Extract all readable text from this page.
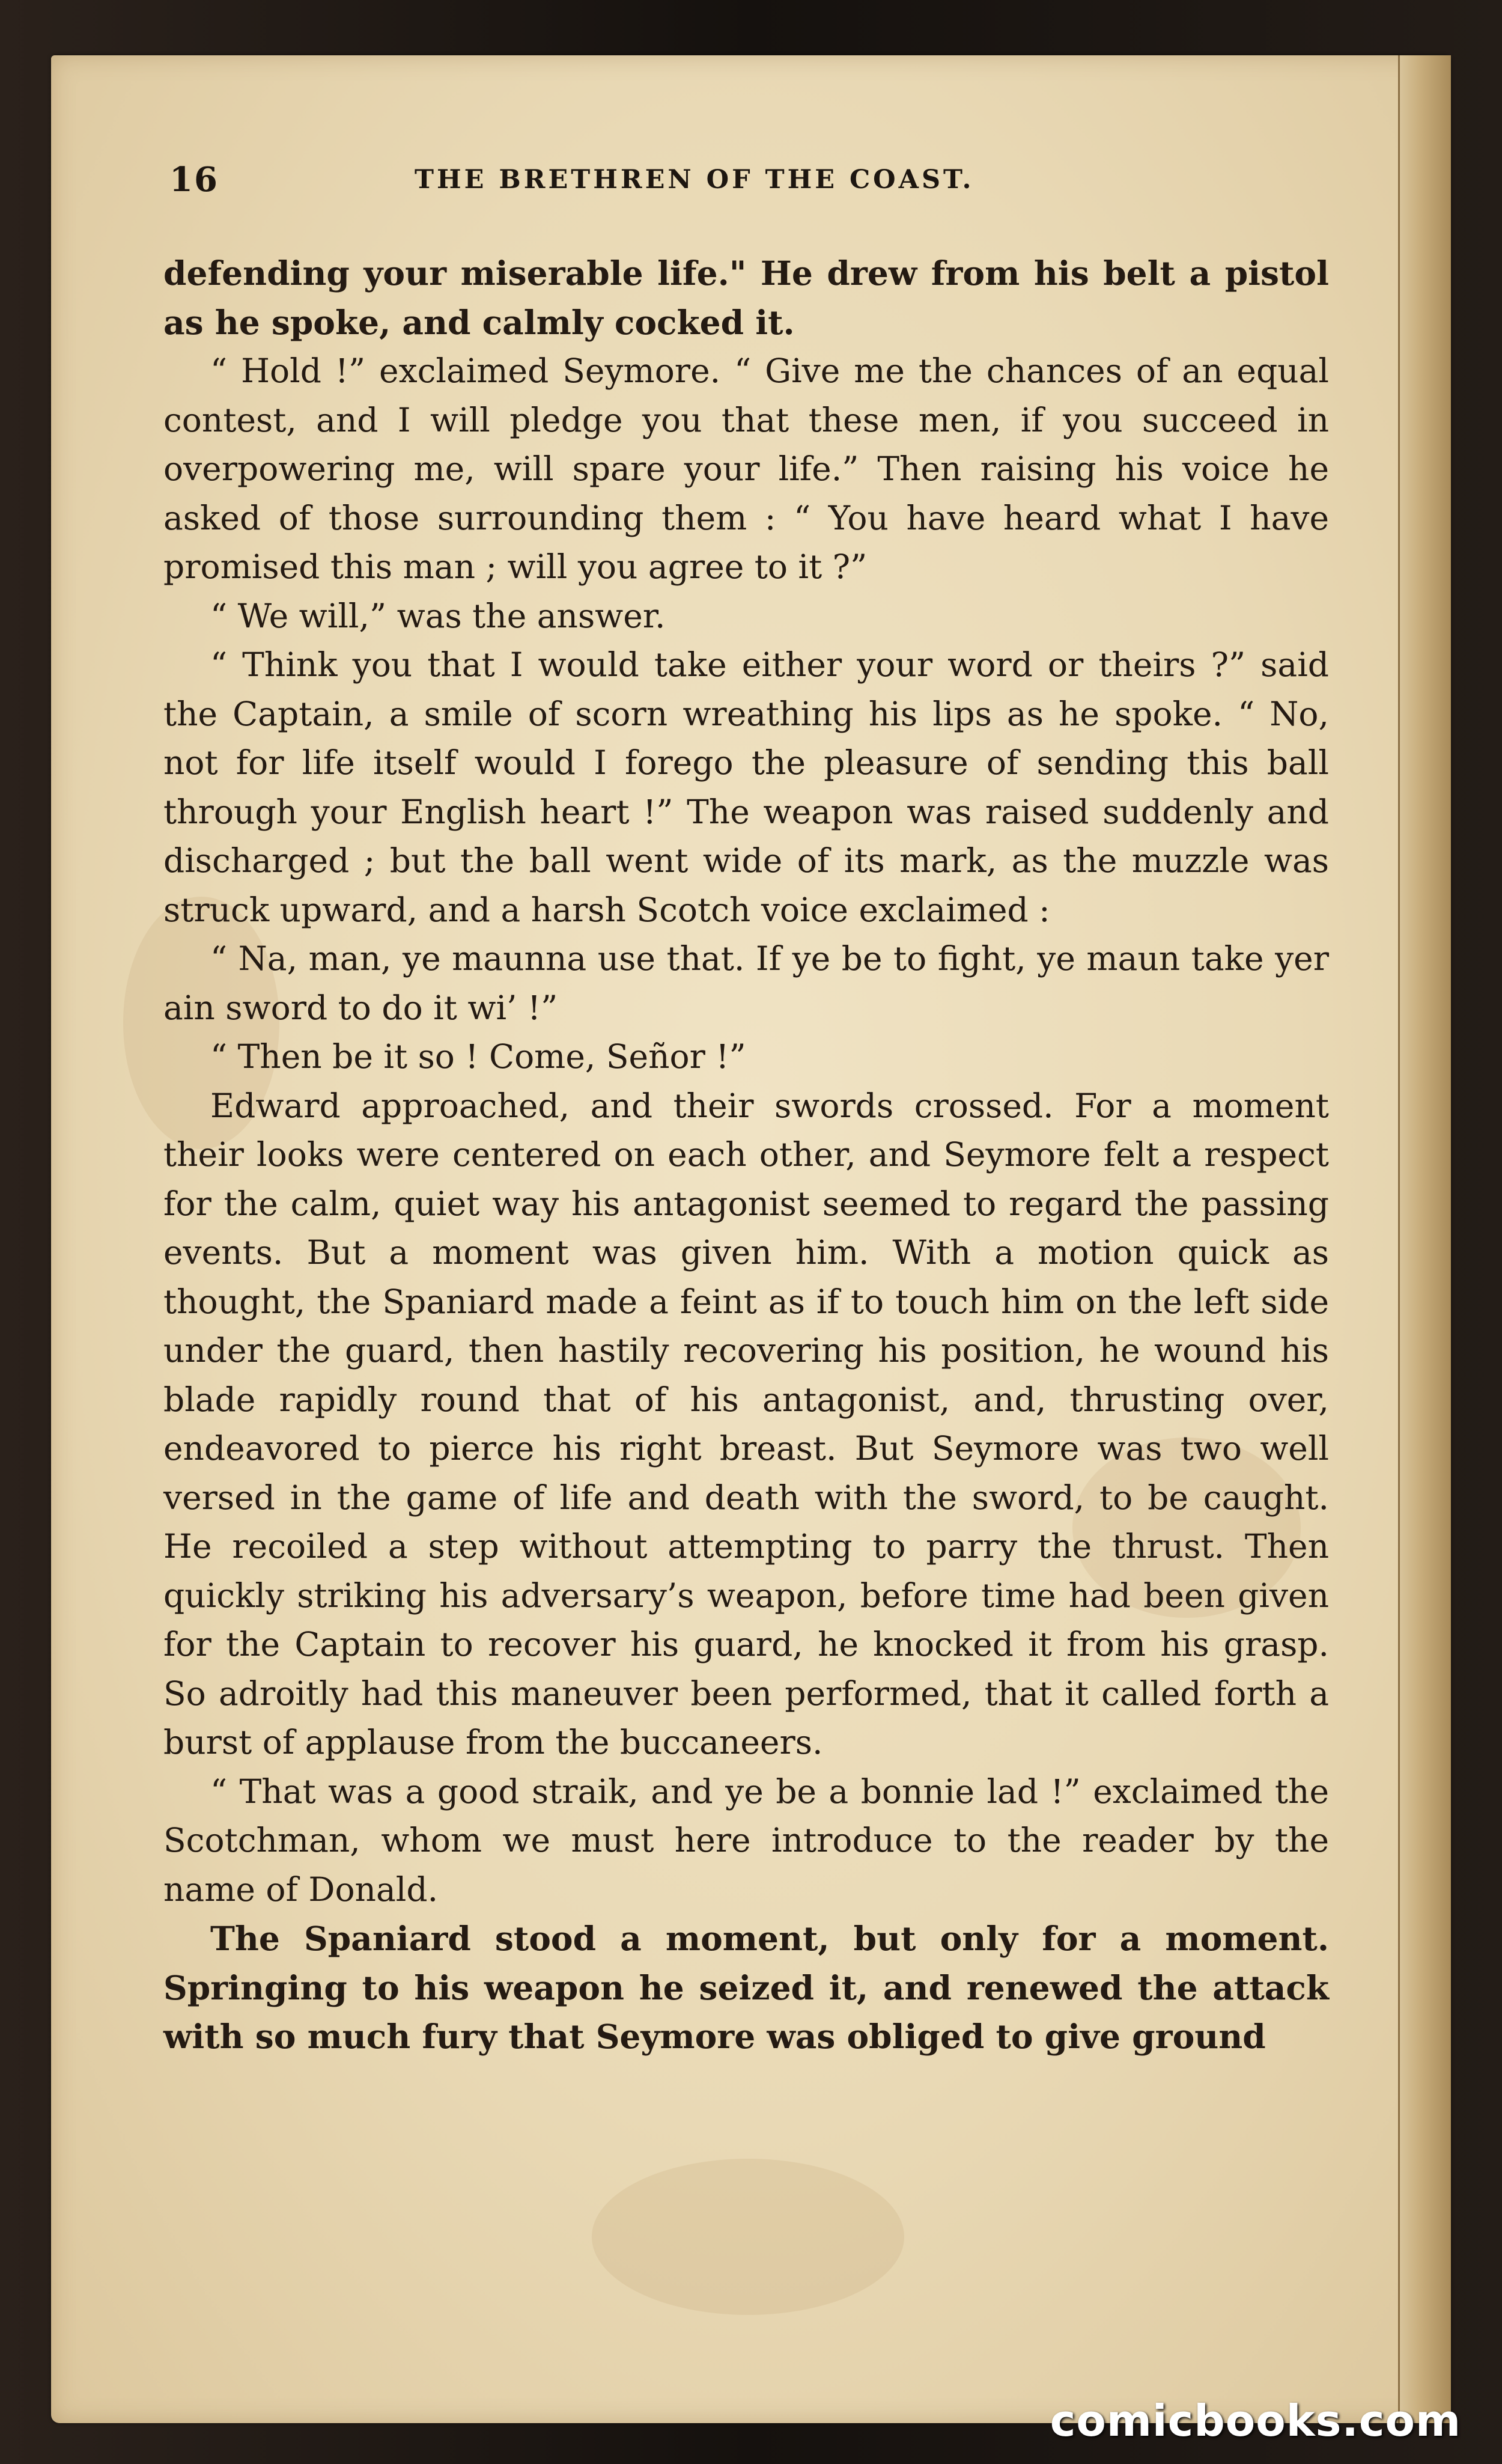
16	THE BRETHREN OF THE COAST.

defending your miserable life." He drew from his belt a pistol as he spoke, and calmly cocked it.

“ Hold !” exclaimed Seymore. “ Give me the chances of an equal contest, and I will pledge you that these men, if you succeed in overpowering me, will spare your life.” Then raising his voice he asked of those surrounding them : “ You have heard what I have promised this man ; will you agree to it ?”

“ We will,” was the answer.

“ Think you that I would take either your word or theirs ?” said the Captain, a smile of scorn wreathing his lips as he spoke. “ No, not for life itself would I forego the pleasure of sending this ball through your English heart !” The weapon was raised suddenly and discharged ; but the ball went wide of its mark, as the muzzle was struck upward, and a harsh Scotch voice exclaimed :

“ Na, man, ye maunna use that. If ye be to fight, ye maun take yer ain sword to do it wi’ !”

“ Then be it so ! Come, Señor !”

Edward approached, and their swords crossed. For a moment their looks were centered on each other, and Seymore felt a respect for the calm, quiet way his antagonist seemed to regard the passing events. But a moment was given him. With a motion quick as thought, the Spaniard made a feint as if to touch him on the left side under the guard, then hastily recovering his position, he wound his blade rapidly round that of his antagonist, and, thrusting over, endeavored to pierce his right breast. But Seymore was two well versed in the game of life and death with the sword, to be caught. He recoiled a step without attempting to parry the thrust. Then quickly striking his adversary’s weapon, before time had been given for the Captain to recover his guard, he knocked it from his grasp. So adroitly had this maneuver been performed, that it called forth a burst of applause from the buccaneers.

“ That was a good straik, and ye be a bonnie lad !” exclaimed the Scotchman, whom we must here introduce to the reader by the name of Donald.

The Spaniard stood a moment, but only for a moment. Springing to his weapon he seized it, and renewed the attack with so much fury that Seymore was obliged to give ground

comicbooks.com
